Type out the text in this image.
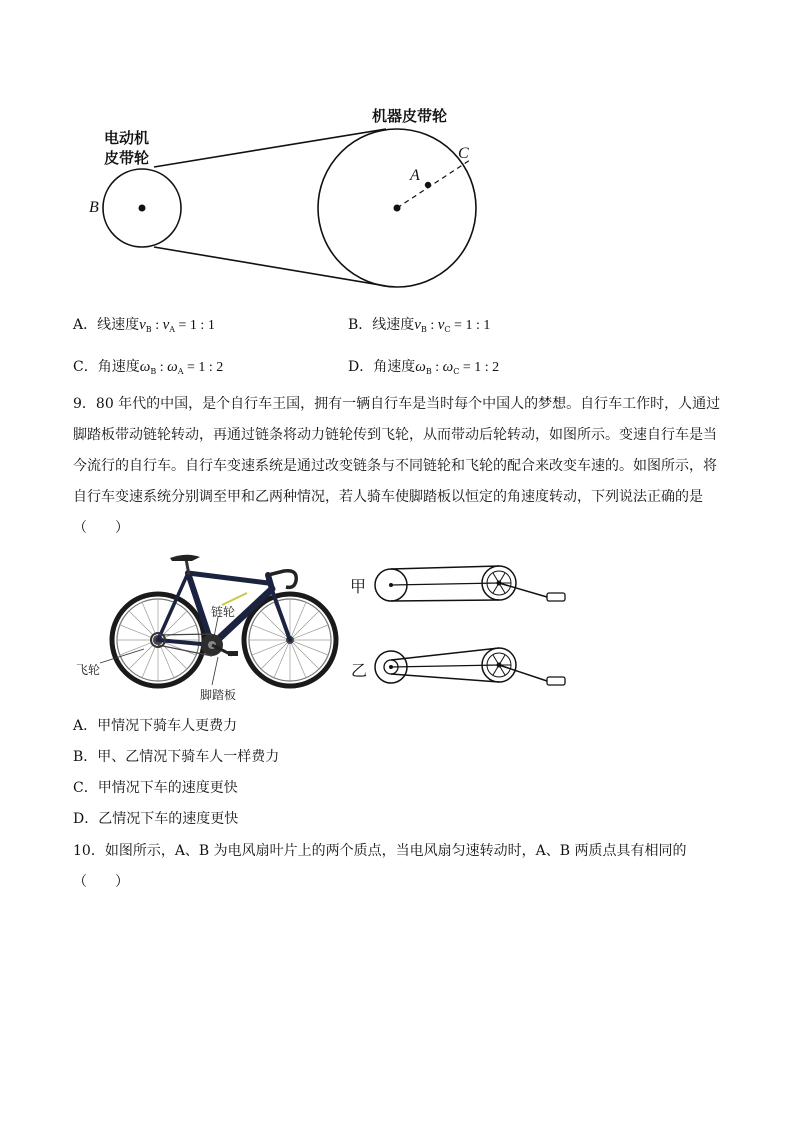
电动机
皮带轮
机器皮带轮
B
A
C
A．线速度$v_B$ : $v_A = 1$ : 1	B．线速度$v_B$ : $v_C = 1$ : 1
C．角速度$\omega_B$ : $\omega_A = 1$ : 2	D．角速度$\omega_B$ : $\omega_C = 1$ : 2
9．80 年代的中国，是个自行车王国，拥有一辆自行车是当时每个中国人的梦想。自行车工作时，人通过
脚踏板带动链轮转动，再通过链条将动力链轮传到飞轮，从而带动后轮转动，如图所示。变速自行车是当
今流行的自行车。自行车变速系统是通过改变链条与不同链轮和飞轮的配合来改变车速的。如图所示，将
自行车变速系统分别调至甲和乙两种情况，若人骑车使脚踏板以恒定的角速度转动，下列说法正确的是
（　　）
链轮
飞轮
脚踏板
甲
乙
A．甲情况下骑车人更费力
B．甲、乙情况下骑车人一样费力
C．甲情况下车的速度更快
D．乙情况下车的速度更快
10．如图所示，A、B 为电风扇叶片上的两个质点，当电风扇匀速转动时，A、B 两质点具有相同的
（　　）
